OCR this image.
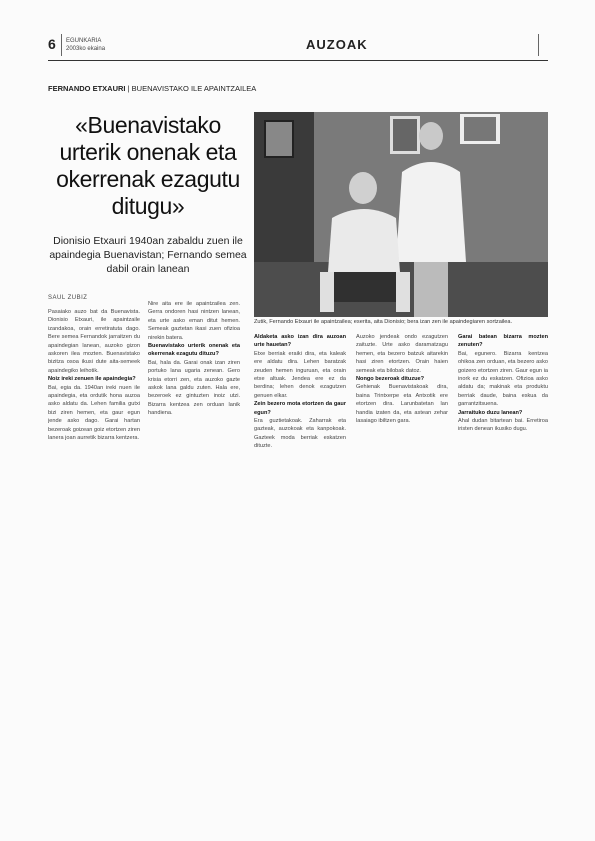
6 EGUNKARIA
2003ko ekaina	AUZOAK
FERNANDO ETXAURI | BUENAVISTAKO ILE APAINTZAILEA
«Buenavistako urterik onenak eta okerrenak ezagutu ditugu»
Dionisio Etxauri 1940an zabaldu zuen ile apaindegia Buenavistan; Fernando semea dabil orain lanean
Zutik, Fernando Etxauri ile apaintzailea; eserita, aita Dionisio; bera izan zen ile apaindegiaren sortzailea.
SAUL ZUBIZ

Pasaiako auzo bat da Buenavista. Dionisio Etxauri, ile apaintzaile izandakoa, orain erretiratuta dago. Bere semea Fernandok jarraitzen du apaindegian lanean, auzoko gizon askoren ilea mozten. Buenavistako bizitza osoa ikusi dute aita-semeek apaindegiko leihotik.

Noiz ireki zenuen ile apaindegia?

Bai, egia da. 1940an ireki nuen ile apaindegia, eta ordutik hona auzoa asko aldatu da. Lehen familia gutxi bizi ziren hemen, eta gaur egun jende asko dago. Garai hartan bezeroak goizean goiz etortzen ziren lanera joan aurretik bizarra kentzera.

Nire aita ere ile apaintzailea zen. Gerra ondoren hasi nintzen lanean, eta urte asko eman ditut hemen. Semeak gaztetan ikasi zuen ofizioa nirekin batera.

Buenavistako urterik onenak eta okerrenak ezagutu dituzu?

Bai, hala da. Garai onak izan ziren portuko lana ugaria zenean. Gero krisia etorri zen, eta auzoko gazte askok lana galdu zuten. Hala ere, bezeroek ez gintuzten inoiz utzi. Bizarra kentzea zen orduan lanik handiena.

Aldaketa asko izan dira auzoan urte hauetan?

Etxe berriak eraiki dira, eta kaleak ere aldatu dira. Lehen baratzak zeuden hemen inguruan, eta orain etxe altuak. Jendea ere ez da berdina; lehen denok ezagutzen genuen elkar.

Zein bezero mota etortzen da gaur egun?

Era guztietakoak. Zaharrak eta gazteak, auzokoak eta kanpokoak. Gazteek moda berriak eskatzen dituzte.

Auzoko jendeak ondo ezagutzen zaituzte. Urte asko daramatzagu hemen, eta bezero batzuk aitarekin hasi ziren etortzen. Orain haien semeak eta bilobak datoz.

Nongo bezeroak dituzue?

Gehienak Buenavistakoak dira, baina Trintxerpe eta Antxotik ere etortzen dira. Larunbatetan lan handia izaten da, eta astean zehar lasaiago ibiltzen gara.

Garai batean bizarra mozten zenuten?

Bai, egunero. Bizarra kentzea ohikoa zen orduan, eta bezero asko goizero etortzen ziren. Gaur egun ia inork ez du eskatzen. Ofizioa asko aldatu da; makinak eta produktu berriak daude, baina eskua da garrantzitsuena.

Jarraituko duzu lanean?

Ahal dudan bitartean bai. Erretiroa iristen denean ikusiko dugu.
